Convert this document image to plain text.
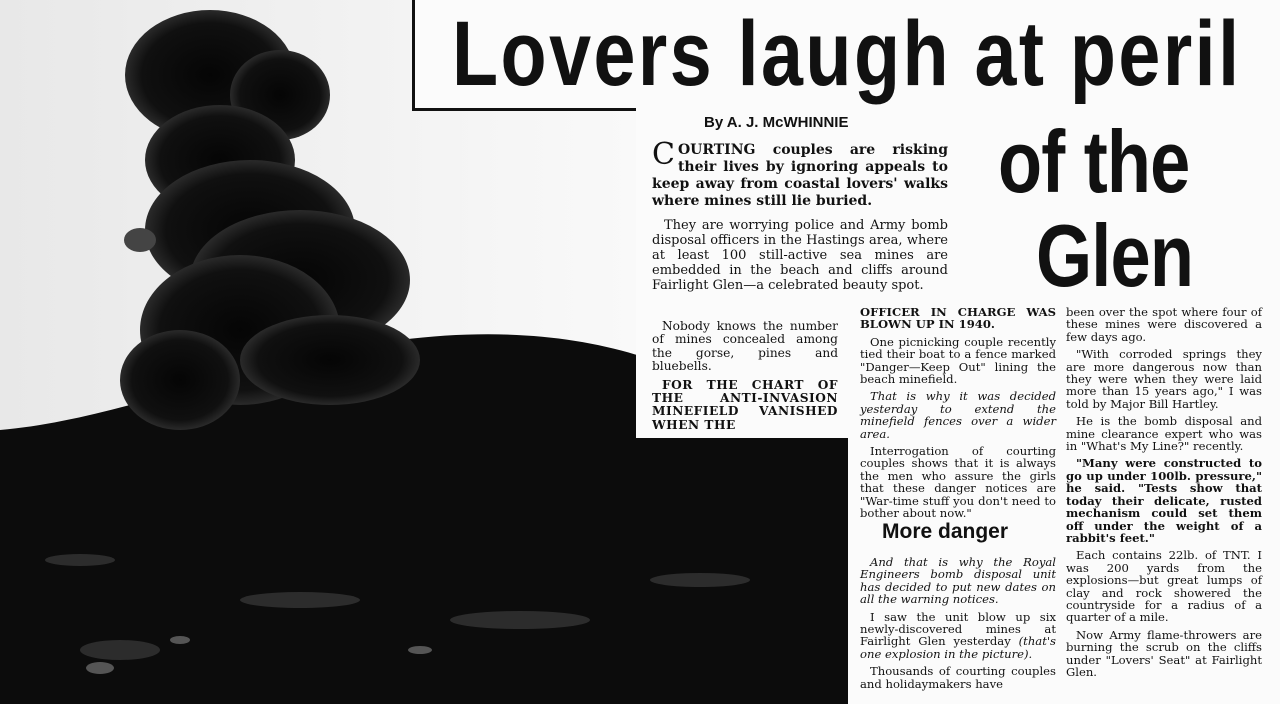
Lovers laugh at peril
of the
Glen
By A. J. McWHINNIE
COURTING couples are risking their lives by ignoring appeals to keep away from coastal lovers' walks where mines still lie buried.

They are worrying police and Army bomb disposal officers in the Hastings area, where at least 100 still-active sea mines are embedded in the beach and cliffs around Fairlight Glen—a celebrated beauty spot.

Nobody knows the number of mines concealed among the gorse, pines and bluebells.

FOR THE CHART OF THE ANTI-INVASION MINEFIELD VANISHED WHEN THE

OFFICER IN CHARGE WAS BLOWN UP IN 1940.

One picnicking couple recently tied their boat to a fence marked "Danger—Keep Out" lining the beach minefield.

That is why it was decided yesterday to extend the minefield fences over a wider area.

Interrogation of courting couples shows that it is always the men who assure the girls that these danger notices are "War-time stuff you don't need to bother about now."

More danger

And that is why the Royal Engineers bomb disposal unit has decided to put new dates on all the warning notices.

I saw the unit blow up six newly-discovered mines at Fairlight Glen yesterday (that's one explosion in the picture).

Thousands of courting couples and holidaymakers have

been over the spot where four of these mines were discovered a few days ago.

"With corroded springs they are more dangerous now than they were when they were laid more than 15 years ago," I was told by Major Bill Hartley.

He is the bomb disposal and mine clearance expert who was in "What's My Line?" recently.

"Many were constructed to go up under 100lb. pressure," he said. "Tests show that today their delicate, rusted mechanism could set them off under the weight of a rabbit's feet."

Each contains 22lb. of TNT. I was 200 yards from the explosions—but great lumps of clay and rock showered the countryside for a radius of a quarter of a mile.

Now Army flame-throwers are burning the scrub on the cliffs under "Lovers' Seat" at Fairlight Glen.
